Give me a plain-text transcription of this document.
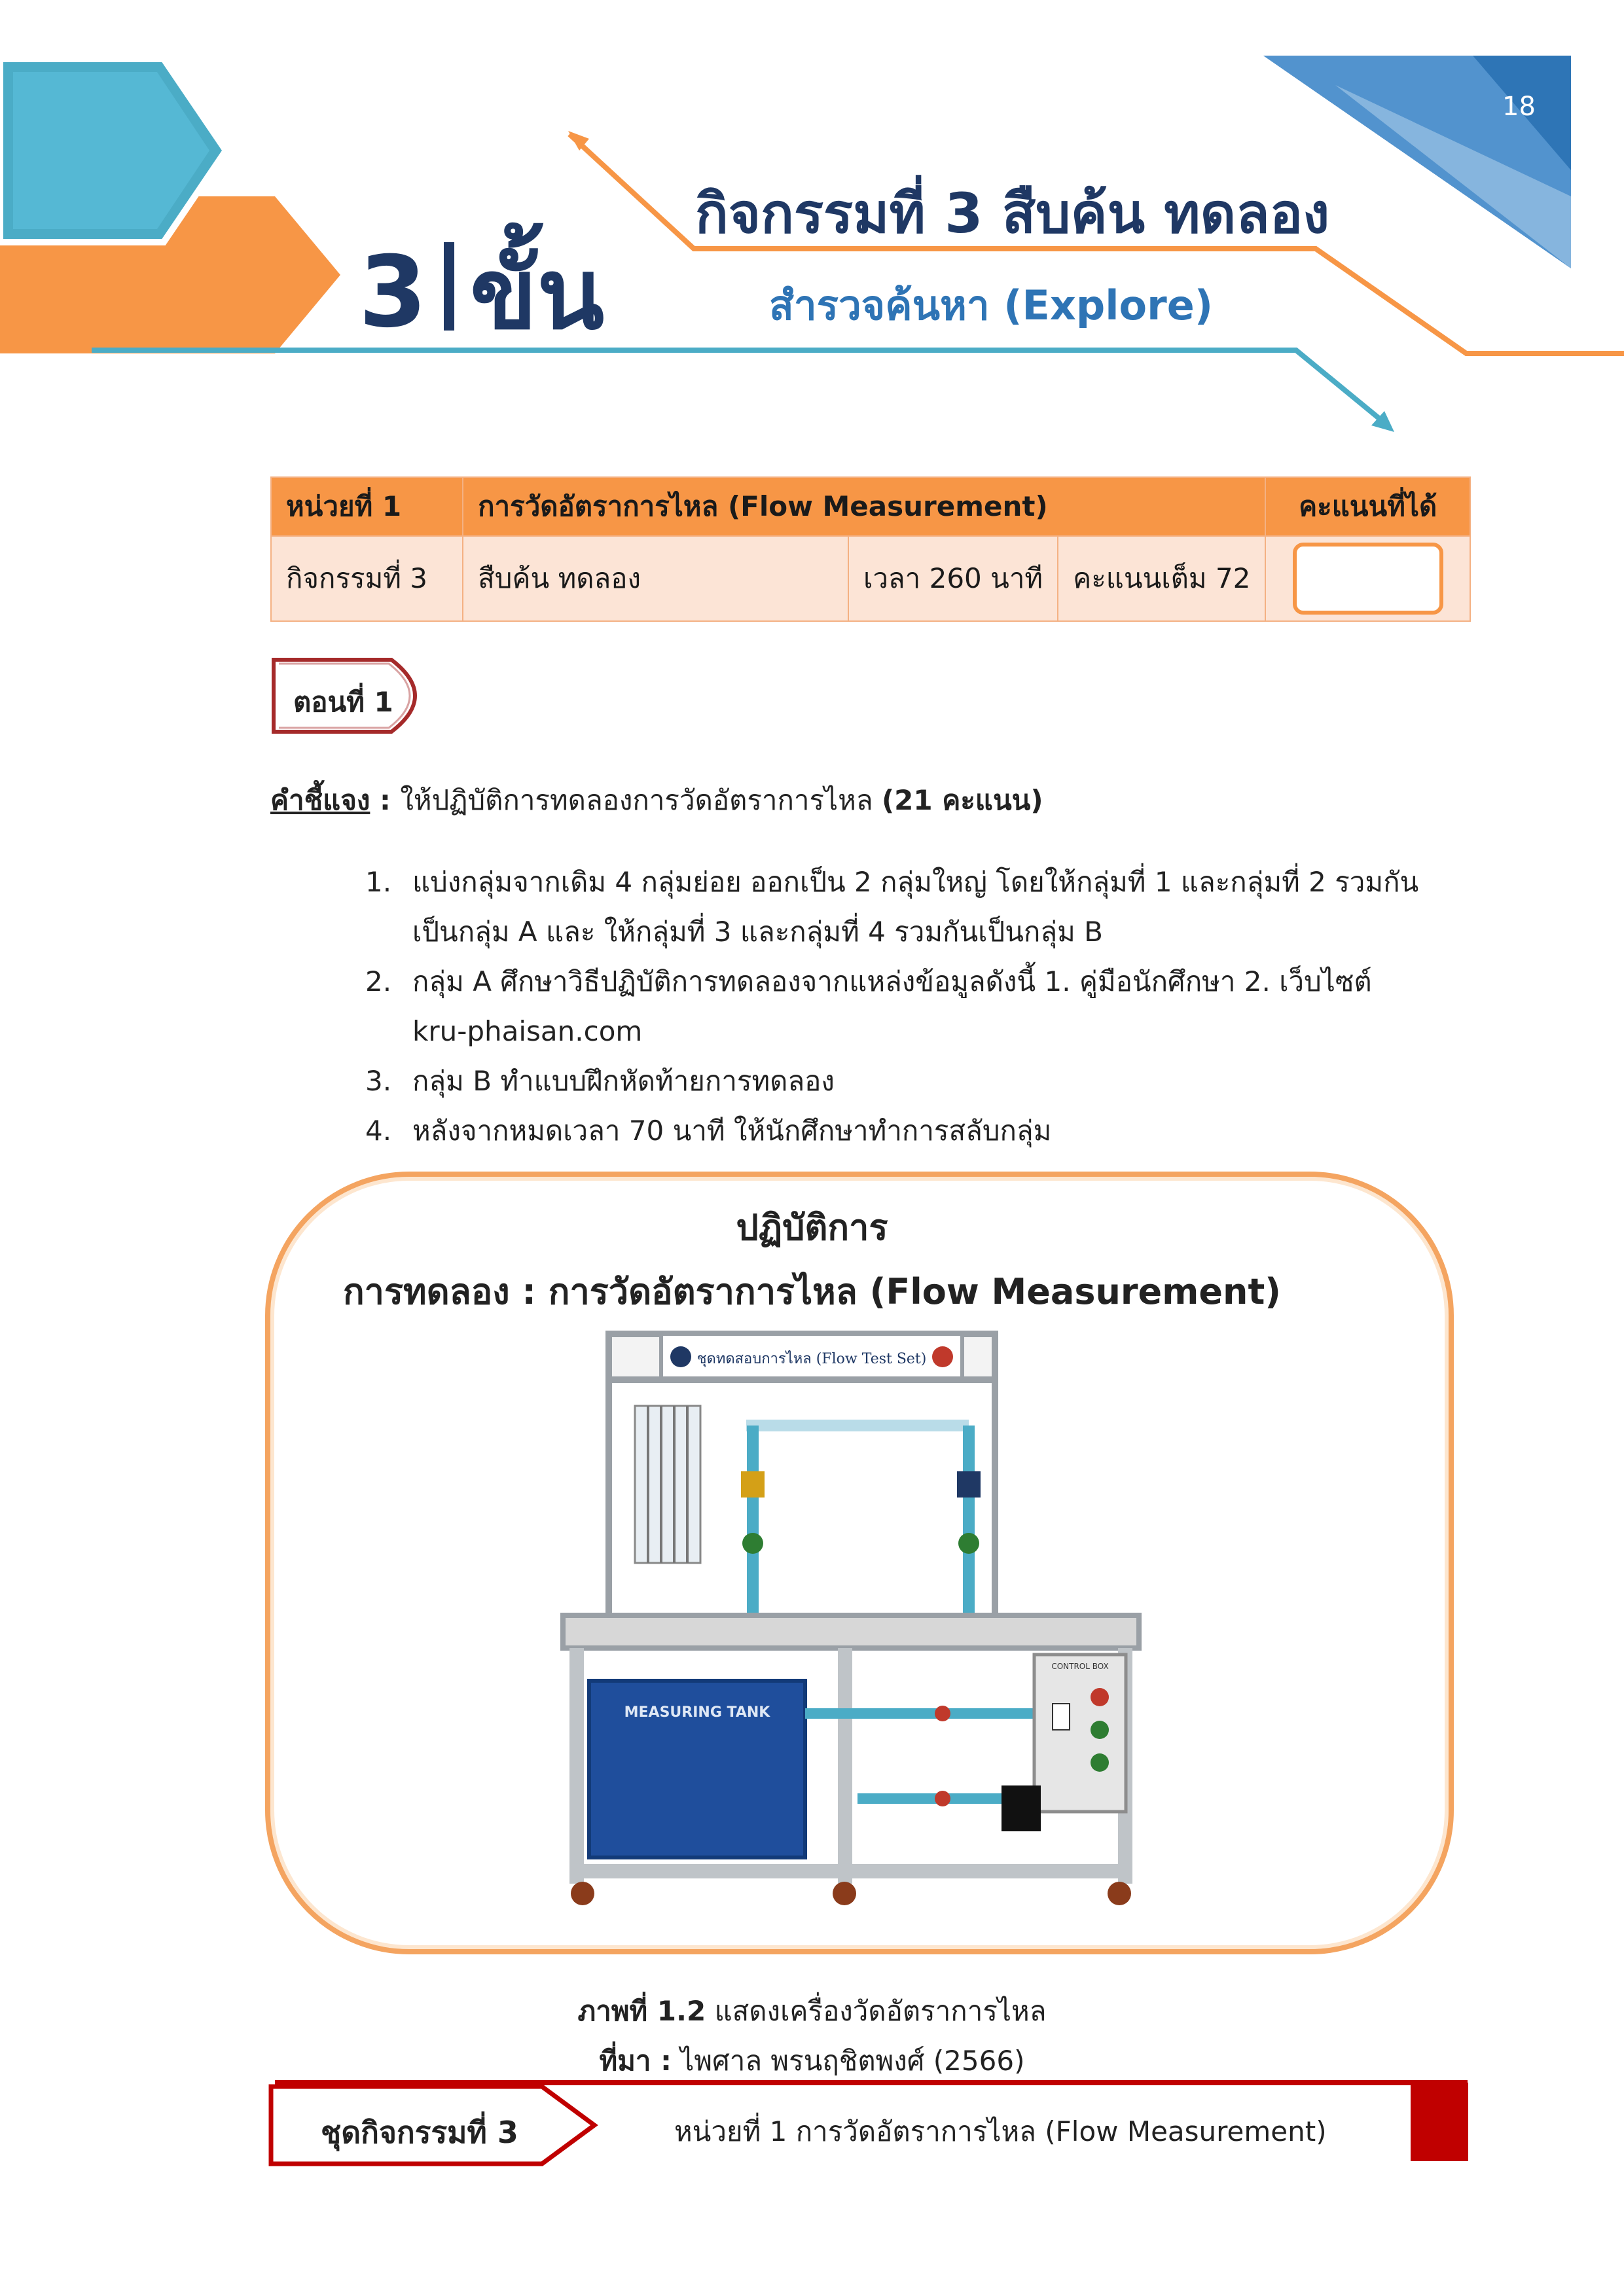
18
กิจกรรมที่ 3 สืบค้น ทดลอง
สำรวจค้นหา (Explore)
3 ขั้น
หน่วยที่ 1	การวัดอัตราการไหล (Flow Measurement)			คะแนนที่ได้
กิจกรรมที่ 3	สืบค้น ทดลอง	เวลา 260 นาที	คะแนนเต็ม 72	
ตอนที่ 1
คำชี้แจง : ให้ปฏิบัติการทดลองการวัดอัตราการไหล (21 คะแนน)
1. แบ่งกลุ่มจากเดิม 4 กลุ่มย่อย ออกเป็น 2 กลุ่มใหญ่ โดยให้กลุ่มที่ 1 และกลุ่มที่ 2 รวมกัน
เป็นกลุ่ม A และ ให้กลุ่มที่ 3 และกลุ่มที่ 4 รวมกันเป็นกลุ่ม B
2. กลุ่ม A ศึกษาวิธีปฏิบัติการทดลองจากแหล่งข้อมูลดังนี้ 1. คู่มือนักศึกษา 2. เว็บไซต์
kru-phaisan.com
3. กลุ่ม B ทำแบบฝึกหัดท้ายการทดลอง
4. หลังจากหมดเวลา 70 นาที ให้นักศึกษาทำการสลับกลุ่ม
ปฏิบัติการ
การทดลอง : การวัดอัตราการไหล (Flow Measurement)
ชุดทดสอบการไหล (Flow Test Set)
MEASURING TANK
CONTROL BOX
ภาพที่ 1.2 แสดงเครื่องวัดอัตราการไหล
ที่มา : ไพศาล พรนฤชิตพงศ์ (2566)
ชุดกิจกรรมที่ 3	หน่วยที่ 1 การวัดอัตราการไหล (Flow Measurement)
